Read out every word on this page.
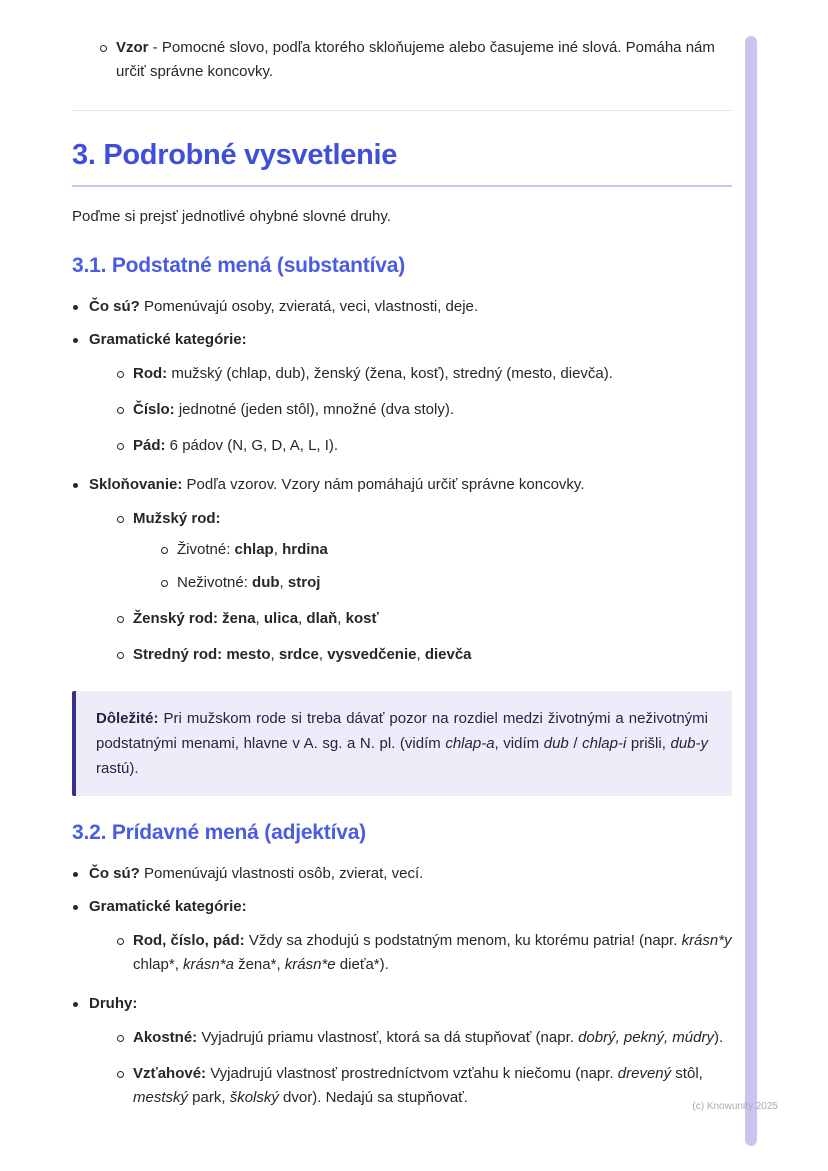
Vzor - Pomocné slovo, podľa ktorého skloňujeme alebo časujeme iné slová. Pomáha nám určiť správne koncovky.
3. Podrobné vysvetlenie

Poďme si prejsť jednotlivé ohybné slovné druhy.

3.1. Podstatné mená (substantíva)
Čo sú? Pomenúvajú osoby, zvieratá, veci, vlastnosti, deje.
Gramatické kategórie:
Rod: mužský (chlap, dub), ženský (žena, kosť), stredný (mesto, dievča).
Číslo: jednotné (jeden stôl), množné (dva stoly).
Pád: 6 pádov (N, G, D, A, L, I).
Skloňovanie: Podľa vzorov. Vzory nám pomáhajú určiť správne koncovky.
Mužský rod:
Životné: chlap, hrdina
Neživotné: dub, stroj
Ženský rod: žena, ulica, dlaň, kosť
Stredný rod: mesto, srdce, vysvedčenie, dievča
Dôležité: Pri mužskom rode si treba dávať pozor na rozdiel medzi životnými a neživotnými podstatnými menami, hlavne v A. sg. a N. pl. (vidím chlap-a, vidím dub / chlap-i prišli, dub-y rastú).
3.2. Prídavné mená (adjektíva)
Čo sú? Pomenúvajú vlastnosti osôb, zvierat, vecí.
Gramatické kategórie:
Rod, číslo, pád: Vždy sa zhodujú s podstatným menom, ku ktorému patria! (napr. krásn*y chlap*, krásn*a žena*, krásn*e dieťa*).
Druhy:
Akostné: Vyjadrujú priamu vlastnosť, ktorá sa dá stupňovať (napr. dobrý, pekný, múdry).
Vzťahové: Vyjadrujú vlastnosť prostredníctvom vzťahu k niečomu (napr. drevený stôl, mestský park, školský dvor). Nedajú sa stupňovať.
(c) Knowunity 2025
